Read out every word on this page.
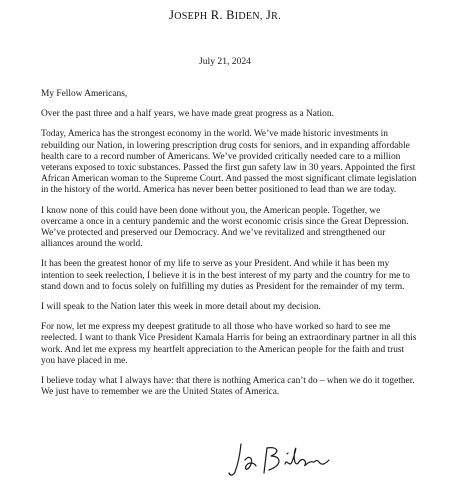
JOSEPH R. BIDEN, JR.
July 21, 2024

My Fellow Americans,

Over the past three and a half years, we have made great progress as a Nation.

Today, America has the strongest economy in the world. We’ve made historic investments in rebuilding our Nation, in lowering prescription drug costs for seniors, and in expanding affordable health care to a record number of Americans. We’ve provided critically needed care to a million veterans exposed to toxic substances. Passed the first gun safety law in 30 years. Appointed the first African American woman to the Supreme Court. And passed the most significant climate legislation in the history of the world. America has never been better positioned to lead than we are today.

I know none of this could have been done without you, the American people. Together, we overcame a once in a century pandemic and the worst economic crisis since the Great Depression. We’ve protected and preserved our Democracy. And we’ve revitalized and strengthened our alliances around the world.

It has been the greatest honor of my life to serve as your President. And while it has been my intention to seek reelection, I believe it is in the best interest of my party and the country for me to stand down and to focus solely on fulfilling my duties as President for the remainder of my term.

I will speak to the Nation later this week in more detail about my decision.

For now, let me express my deepest gratitude to all those who have worked so hard to see me reelected. I want to thank Vice President Kamala Harris for being an extraordinary partner in all this work. And let me express my heartfelt appreciation to the American people for the faith and trust you have placed in me.

I believe today what I always have: that there is nothing America can’t do – when we do it together. We just have to remember we are the United States of America.
